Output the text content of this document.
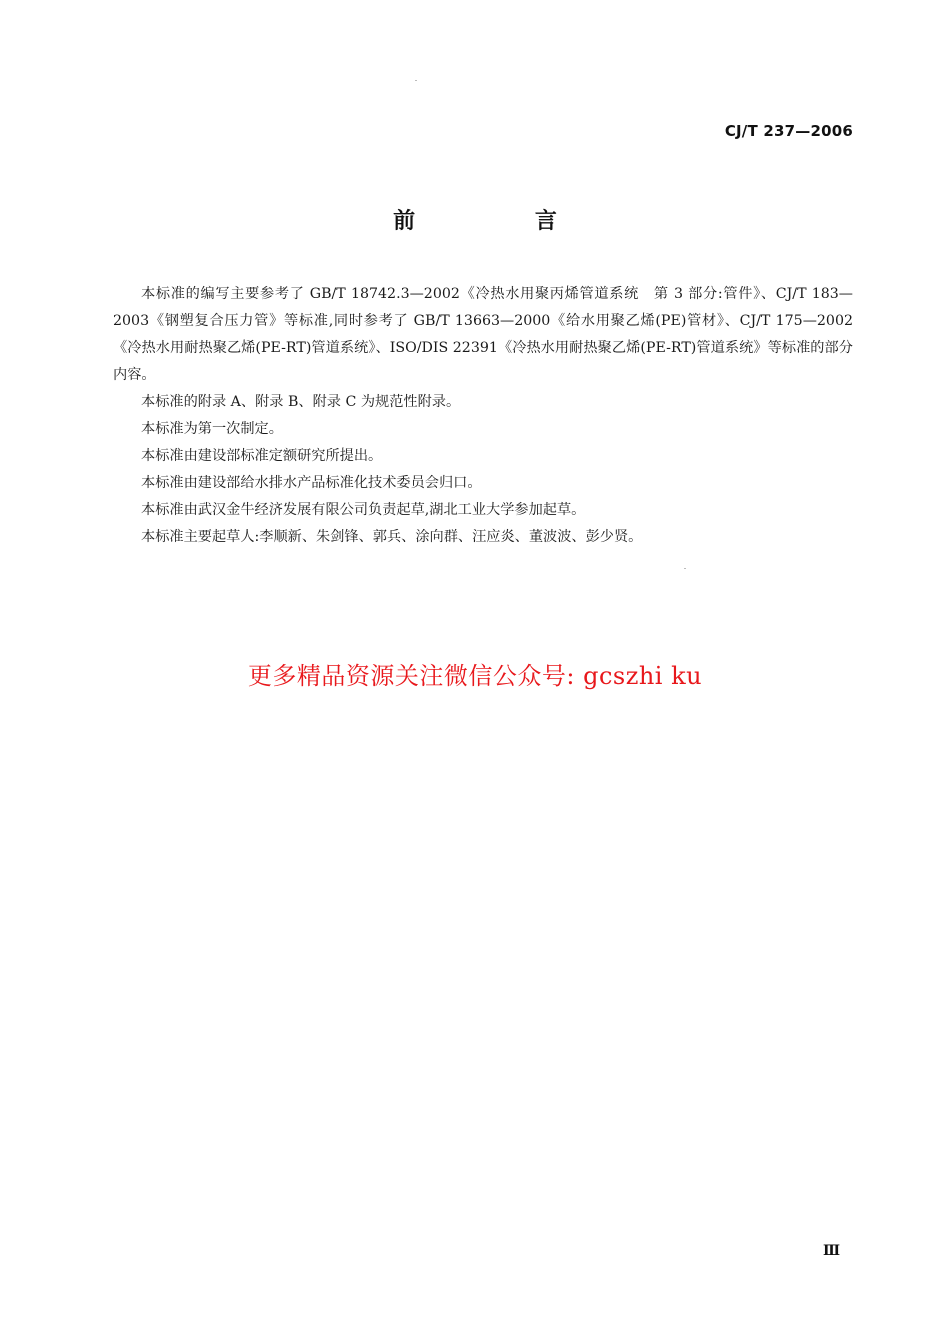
CJ/T 237—2006
前 言

本标准的编写主要参考了 GB/T 18742.3—2002《冷热水用聚丙烯管道系统　第 3 部分:管件》、CJ/T 183—2003《钢塑复合压力管》等标准,同时参考了 GB/T 13663—2000《给水用聚乙烯(PE)管材》、CJ/T 175—2002《冷热水用耐热聚乙烯(PE-RT)管道系统》、ISO/DIS 22391《冷热水用耐热聚乙烯(PE-RT)管道系统》等标准的部分内容。

本标准的附录 A、附录 B、附录 C 为规范性附录。

本标准为第一次制定。

本标准由建设部标准定额研究所提出。

本标准由建设部给水排水产品标准化技术委员会归口。

本标准由武汉金牛经济发展有限公司负责起草,湖北工业大学参加起草。

本标准主要起草人:李顺新、朱剑锋、郭兵、涂向群、汪应炎、董波波、彭少贤。

更多精品资源关注微信公众号: gcszhi ku
Ⅲ
